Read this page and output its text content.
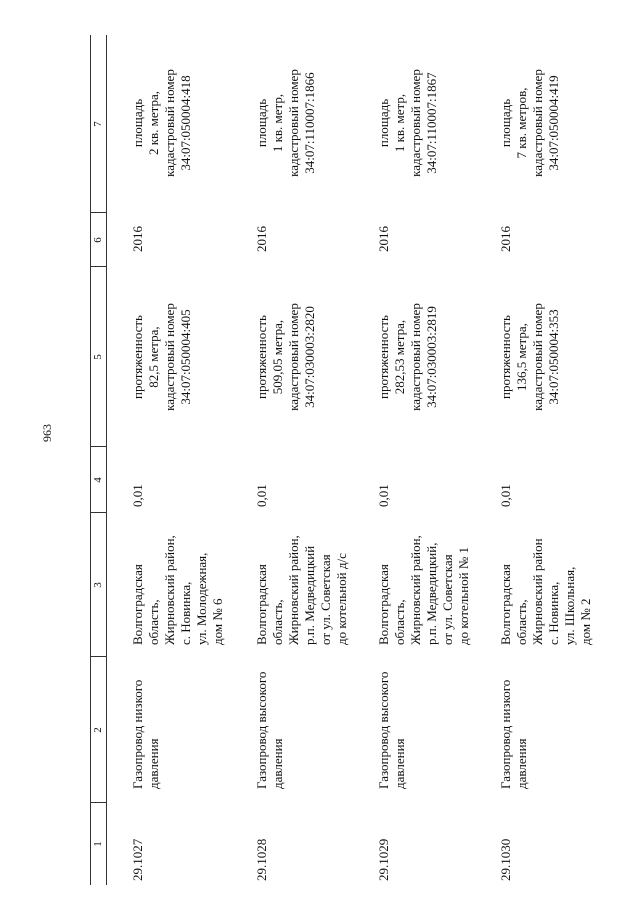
963
1
2
3
4
5
6
7
29.1027
Газопровод низкого давления
Волгоградская область, Жирновский район, с. Новинка, ул. Молодежная, дом № 6
0,01
протяженность 82,5 метра, кадастровый номер 34:07:050004:405
2016
площадь 2 кв. метра, кадастровый номер 34:07:050004:418
29.1028
Газопровод высокого давления
Волгоградская область, Жирновский район, р.п. Медведицкий от ул. Советская до котельной д/с
0,01
протяженность 509,05 метра, кадастровый номер 34:07:030003:2820
2016
площадь 1 кв. метр, кадастровый номер 34:07:110007:1866
29.1029
Газопровод высокого давления
Волгоградская область, Жирновский район, р.п. Медведицкий, от ул. Советская до котельной № 1
0,01
протяженность 282,53 метра, кадастровый номер 34:07:030003:2819
2016
площадь 1 кв. метр, кадастровый номер 34:07:110007:1867
29.1030
Газопровод низкого давления
Волгоградская область, Жирновский район с. Новинка, ул. Школьная, дом № 2
0,01
протяженность 136,5 метра, кадастровый номер 34:07:050004:353
2016
площадь 7 кв. метров, кадастровый номер 34:07:050004:419
